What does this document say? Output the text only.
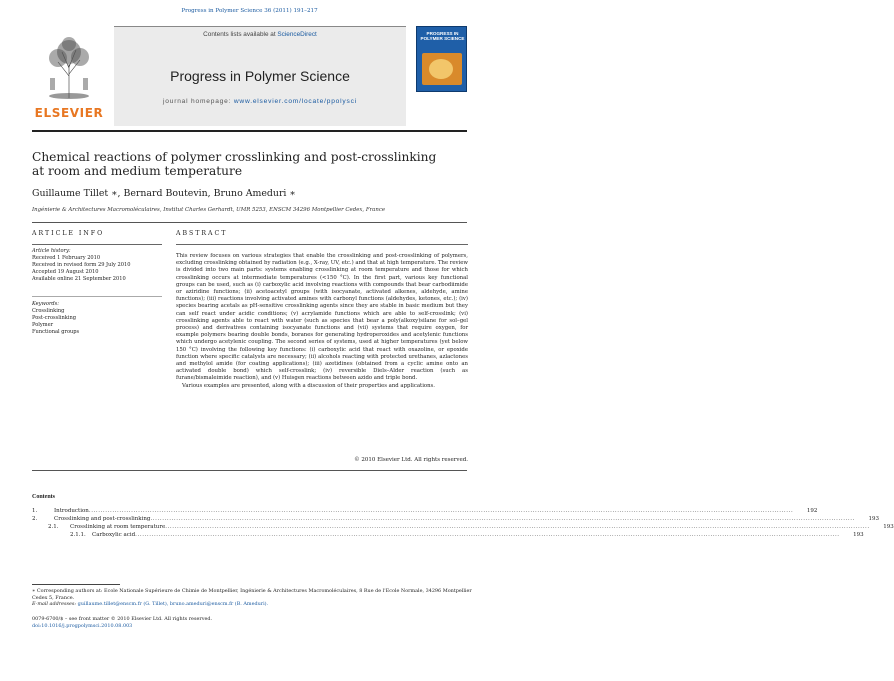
Progress in Polymer Science 36 (2011) 191–217
ELSEVIER
Contents lists available at ScienceDirect
Progress in Polymer Science
journal homepage: www.elsevier.com/locate/ppolysci
PROGRESS IN POLYMER SCIENCE
Chemical reactions of polymer crosslinking and post-crosslinking
at room and medium temperature
Guillaume Tillet ∗, Bernard Boutevin, Bruno Ameduri ∗
Ingénierie & Architectures Macromoléculaires, Institut Charles Gerhardt, UMR 5253, ENSCM 34296 Montpellier Cedex, France
ARTICLE INFO
Article history:
Received 1 February 2010
Received in revised form 29 July 2010
Accepted 19 August 2010
Available online 21 September 2010
Keywords:
Crosslinking
Post-crosslinking
Polymer
Functional groups
ABSTRACT

This review focuses on various strategies that enable the crosslinking and post-crosslinking of polymers, excluding crosslinking obtained by radiation (e.g., X-ray, UV, etc.) and that at high temperature. The review is divided into two main parts: systems enabling crosslinking at room temperature and those for which crosslinking occurs at intermediate temperatures (<150 °C). In the first part, various key functional groups can be used, such as (i) carboxylic acid involving reactions with compounds that bear carbodiimide or aziridine functions; (ii) acetoacetyl groups (with isocyanate, activated alkenes, aldehyde, amine functions); (iii) reactions involving activated amines with carbonyl functions (aldehydes, ketones, etc.); (iv) species bearing acetals as pH-sensitive crosslinking agents since they are stable in basic medium but they can self react under acidic conditions; (v) acrylamide functions which are able to self-crosslink; (vi) crosslinking agents able to react with water (such as species that bear a poly(alkoxy)silane for sol–gel process) and derivatives containing isocyanate functions and (vii) systems that require oxygen, for example polymers bearing double bonds, boranes for generating hydroperoxides and acetylenic functions which undergo acetylenic coupling. The second series of systems, used at higher temperatures (yet below 150 °C) involving the following key functions: (i) carboxylic acid that react with oxazoline, or epoxide function where specific catalysts are necessary; (ii) alcohols reacting with protected urethanes, azlactones and methylol amide (for coating applications); (iii) azetidines (obtained from a cyclic amine onto an activated double bond) which self-crosslink; (iv) reversible Diels–Alder reaction (such as furane/bismaleimide reaction), and (v) Huisgen reactions between azido and triple bond.

Various examples are presented, along with a discussion of their properties and applications.

© 2010 Elsevier Ltd. All rights reserved.
Contents
1.	Introduction ............................................................................................................................................................................................................................................................................................................	192
2.	Crosslinking and post-crosslinking ............................................................................................................................................................................................................................................................................................................	193
2.1.	Crosslinking at room temperature ............................................................................................................................................................................................................................................................................................................	193
2.1.1.	Carboxylic acid ............................................................................................................................................................................................................................................................................................................	193
∗ Corresponding authors at: Ecole Nationale Supérieure de Chimie de Montpellier, Ingénierie & Architectures Macromoléculaires, 8 Rue de l'Ecole Normale, 34296 Montpellier Cedex 5, France.
E-mail addresses: guillaume.tillet@enscm.fr (G. Tillet), bruno.ameduri@enscm.fr (B. Ameduri).
0079-6700/$ – see front matter © 2010 Elsevier Ltd. All rights reserved.
doi:10.1016/j.progpolymsci.2010.08.003
